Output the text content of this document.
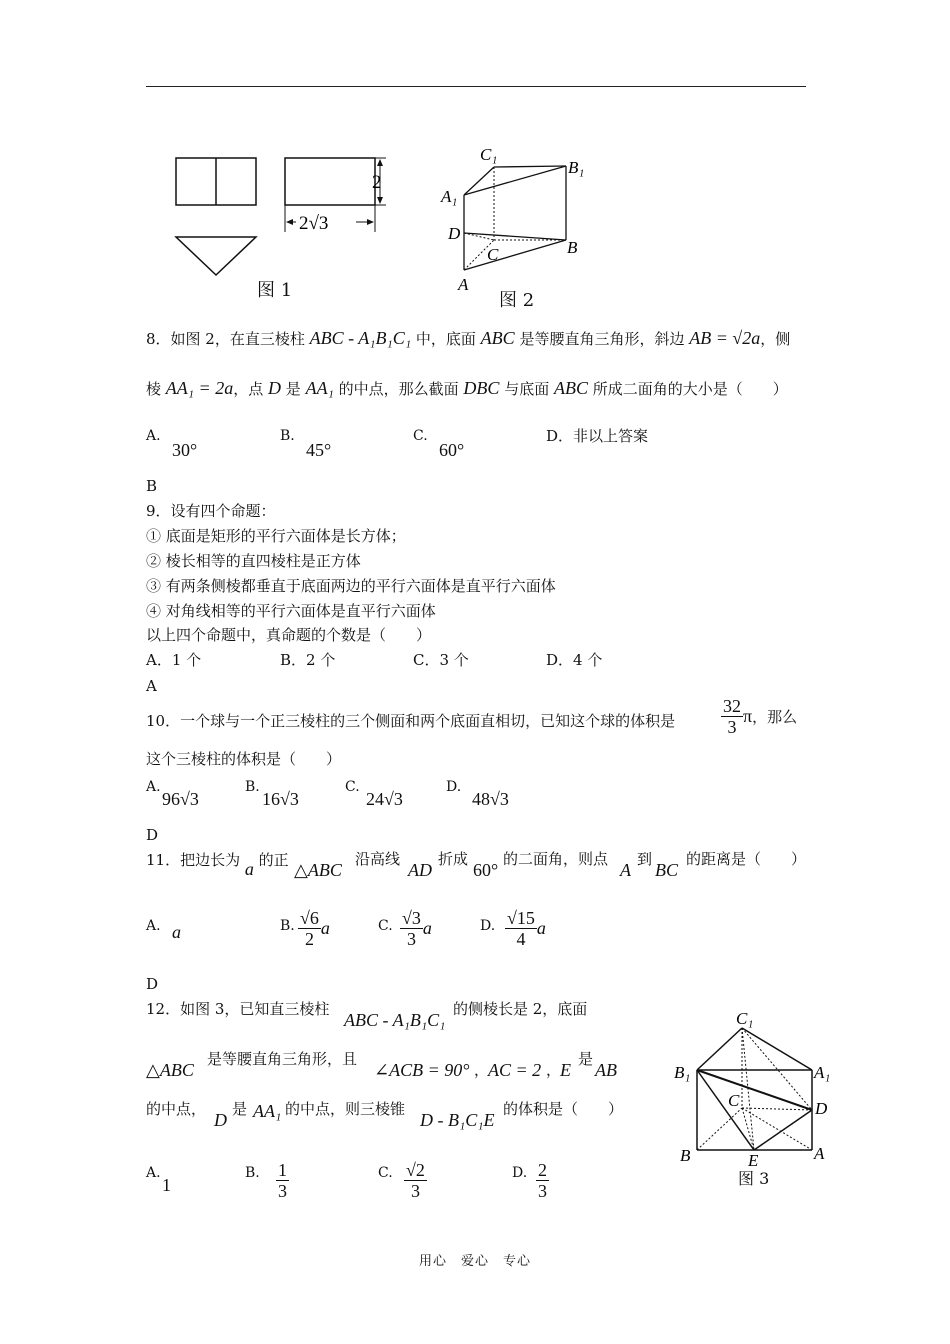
2
2√3
图 1
C₁
B₁
A₁
D
C	B
A
图 2
8．如图 2，在直三棱柱 ABC - A₁B₁C₁ 中，底面 ABC 是等腰直角三角形，斜边 AB = √2a，侧
棱 AA₁ = 2a，点 D 是 AA₁ 的中点，那么截面 DBC 与底面 ABC 所成二面角的大小是（　　）
A.
30°
B.
45°
C.
60°
D．非以上答案
B
9．设有四个命题：
① 底面是矩形的平行六面体是长方体；
② 棱长相等的直四棱柱是正方体
③ 有两条侧棱都垂直于底面两边的平行六面体是直平行六面体
④ 对角线相等的平行六面体是直平行六面体
以上四个命题中，真命题的个数是（　　）
A．1 个	B．2 个	C．3 个	D．4 个
A
10．一个球与一个正三棱柱的三个侧面和两个底面直相切，已知这个球的体积是	$\frac{32}{3}$ π，那么
这个三棱柱的体积是（　　）
A.
96√3
B.
16√3
C.
24√3
D.
48√3
D
11．把边长为 a 的正 △ABC
沿高线
AD
折成
60°
的二面角，则点
A
到
BC
的距离是（　　）
A. a	B. $\frac{√6}{2}$ a	C. $\frac{√3}{3}$ a	D. $\frac{√15}{4}$ a
D
12．如图 3，已知直三棱柱
ABC - A₁B₁C₁
的侧棱长是 2，底面
△ABC
是等腰直角三角形，且
∠ACB = 90° ，
AC = 2 ，
E
是
AB
的中点，
D
是 AA₁ 的中点，则三棱锥
D - B₁C₁E
的体积是（　　）
A.
1
B. $\frac{1}{3}$	C. $\frac{√2}{3}$	D. $\frac{2}{3}$
C₁
B₁	A₁
C	D
B	E	A
图 3
用心　爱心　专心
